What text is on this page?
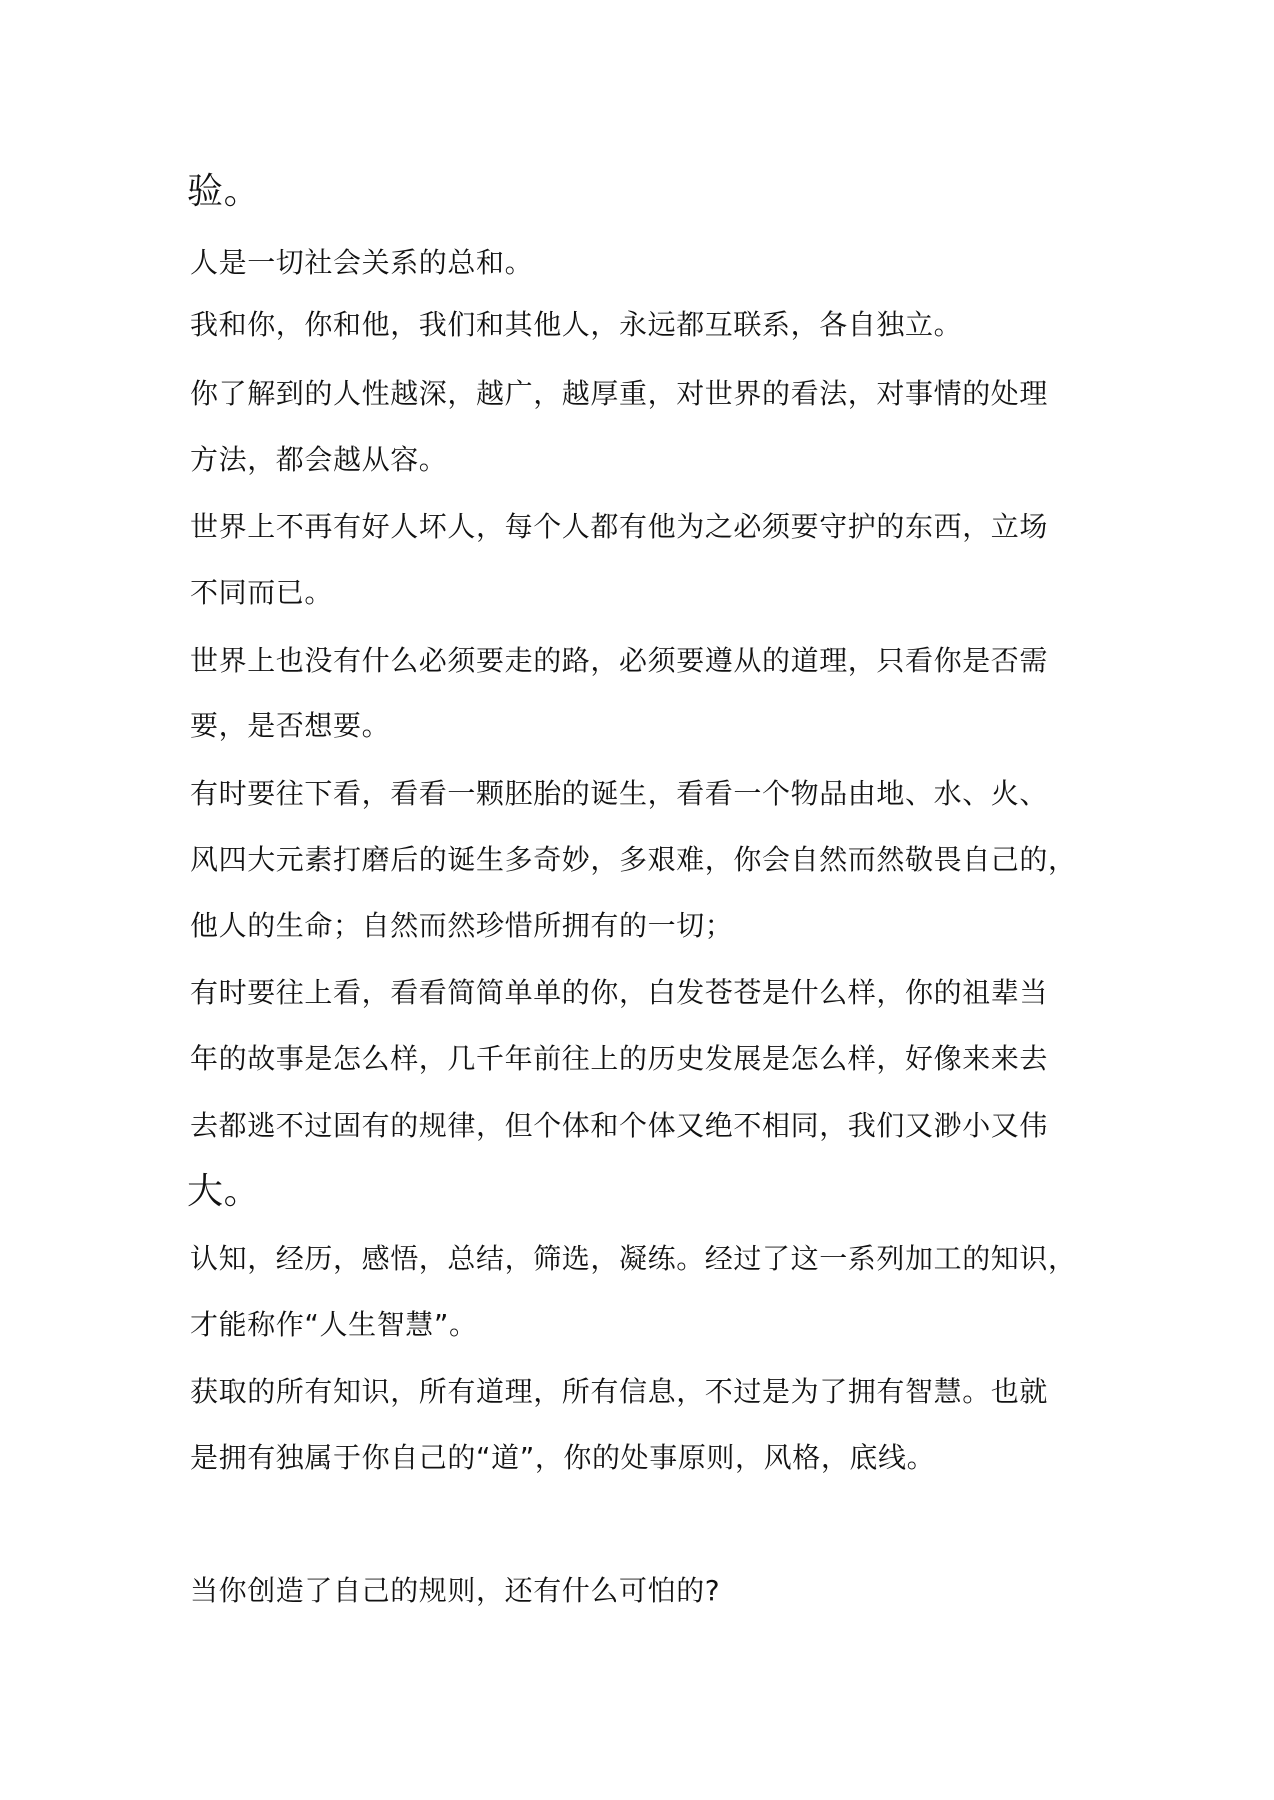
验。
人是一切社会关系的总和。
我和你，你和他，我们和其他人，永远都互联系，各自独立。
你了解到的人性越深，越广，越厚重，对世界的看法，对事情的处理
方法，都会越从容。
世界上不再有好人坏人，每个人都有他为之必须要守护的东西，立场
不同而已。
世界上也没有什么必须要走的路，必须要遵从的道理，只看你是否需
要，是否想要。
有时要往下看，看看一颗胚胎的诞生，看看一个物品由地、水、火、
风四大元素打磨后的诞生多奇妙，多艰难，你会自然而然敬畏自己的，
他人的生命；自然而然珍惜所拥有的一切；
有时要往上看，看看简简单单的你，白发苍苍是什么样，你的祖辈当
年的故事是怎么样，几千年前往上的历史发展是怎么样，好像来来去
去都逃不过固有的规律，但个体和个体又绝不相同，我们又渺小又伟
大。
认知，经历，感悟，总结，筛选，凝练。经过了这一系列加工的知识，
才能称作“人生智慧”。
获取的所有知识，所有道理，所有信息，不过是为了拥有智慧。也就
是拥有独属于你自己的“道”，你的处事原则，风格，底线。
当你创造了自己的规则，还有什么可怕的?
